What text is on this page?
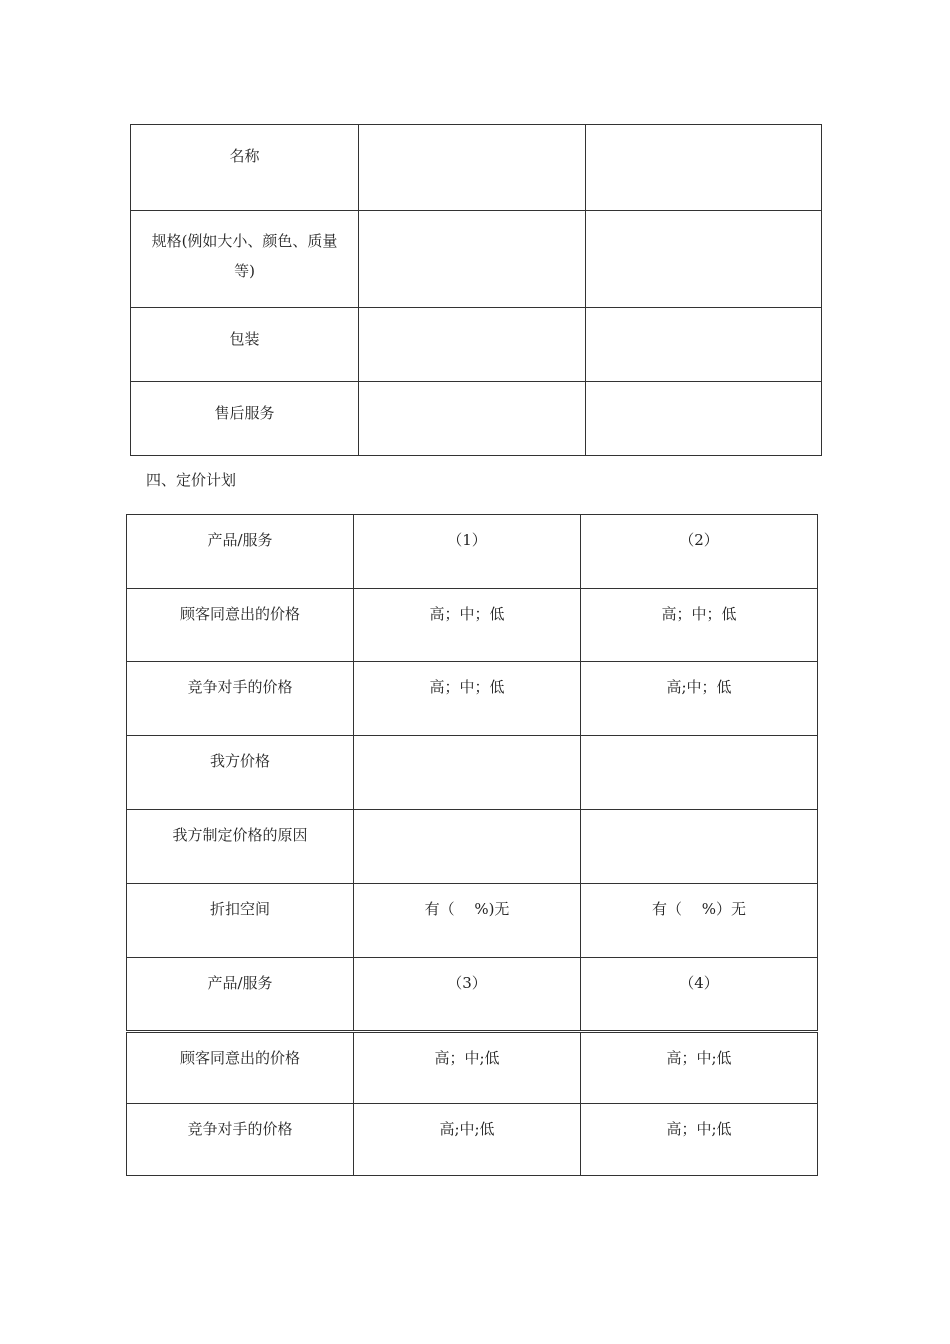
名称		

规格(例如大小、颜色、质量等)		

包装		

售后服务		

四、定价计划
产品/服务	（1）	（2）

顾客同意出的价格	高；中；低	高；中；低

竞争对手的价格	高；中；低	高;中；低

我方价格		

我方制定价格的原因		

折扣空间	有（　 %)无	有（　 %）无

产品/服务	（3）	（4）

顾客同意出的价格	高；中;低	高；中;低

竞争对手的价格	高;中;低	高；中;低
